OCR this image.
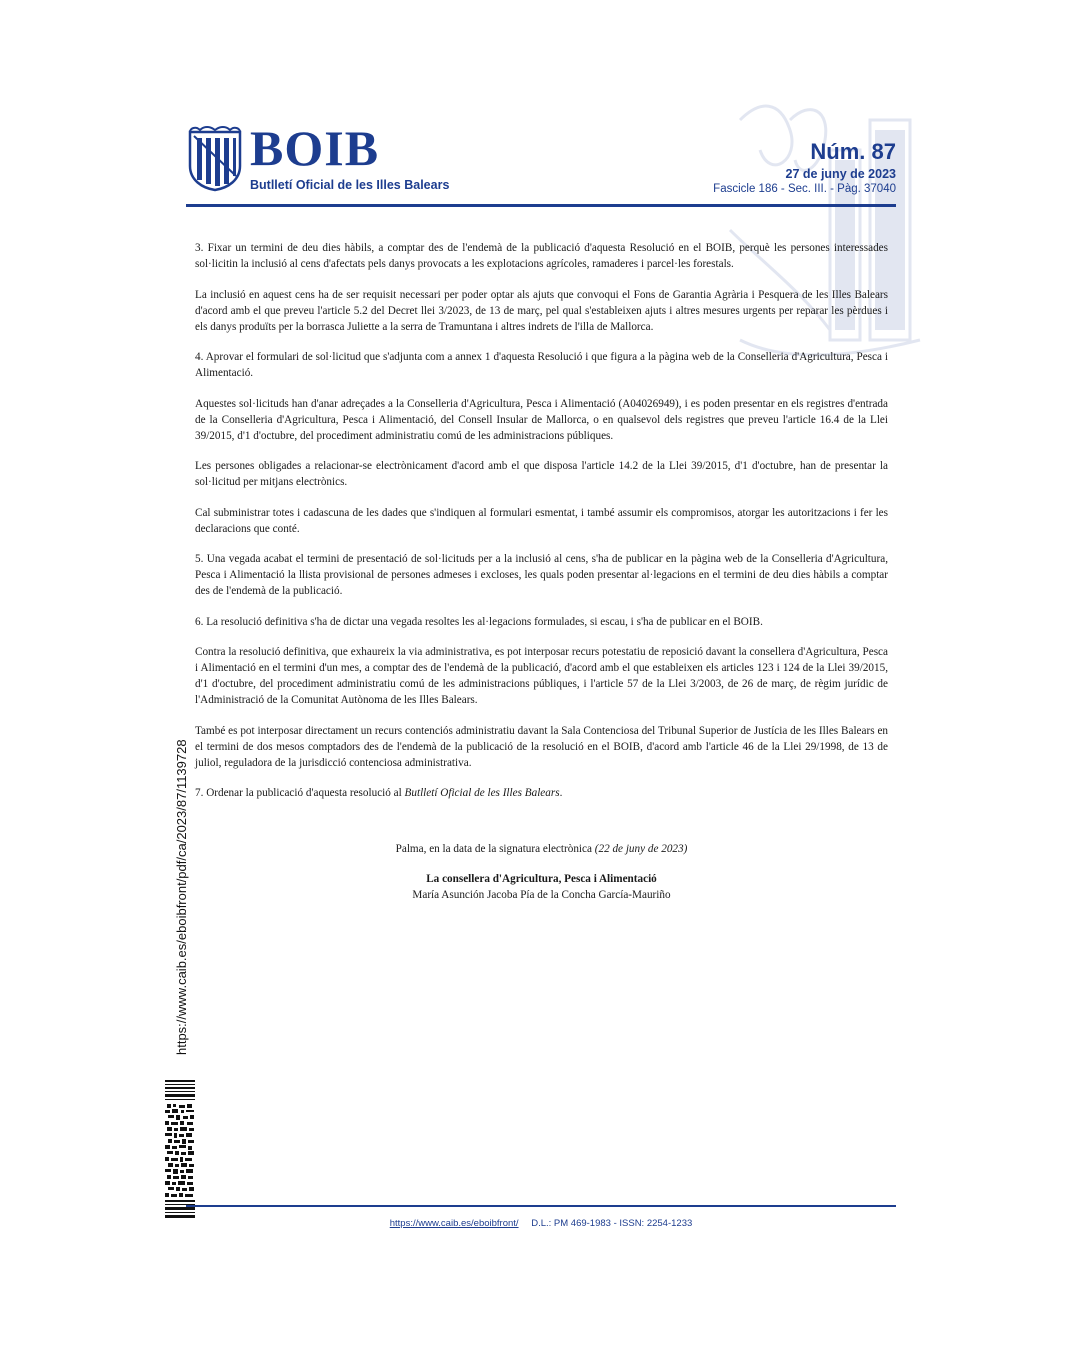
BOIB
Butlletí Oficial de les Illes Balears
Núm. 87
27 de juny de 2023
Fascicle 186 - Sec. III. - Pàg. 37040

3. Fixar un termini de deu dies hàbils, a comptar des de l'endemà de la publicació d'aquesta Resolució en el BOIB, perquè les persones interessades sol·licitin la inclusió al cens d'afectats pels danys provocats a les explotacions agrícoles, ramaderes i parcel·les forestals.

La inclusió en aquest cens ha de ser requisit necessari per poder optar als ajuts que convoqui el Fons de Garantia Agrària i Pesquera de les Illes Balears d'acord amb el que preveu l'article 5.2 del Decret llei 3/2023, de 13 de març, pel qual s'estableixen ajuts i altres mesures urgents per reparar les pèrdues i els danys produïts per la borrasca Juliette a la serra de Tramuntana i altres indrets de l'illa de Mallorca.

4. Aprovar el formulari de sol·licitud que s'adjunta com a annex 1 d'aquesta Resolució i que figura a la pàgina web de la Conselleria d'Agricultura, Pesca i Alimentació.

Aquestes sol·licituds han d'anar adreçades a la Conselleria d'Agricultura, Pesca i Alimentació (A04026949), i es poden presentar en els registres d'entrada de la Conselleria d'Agricultura, Pesca i Alimentació, del Consell Insular de Mallorca, o en qualsevol dels registres que preveu l'article 16.4 de la Llei 39/2015, d'1 d'octubre, del procediment administratiu comú de les administracions públiques.

Les persones obligades a relacionar-se electrònicament d'acord amb el que disposa l'article 14.2 de la Llei 39/2015, d'1 d'octubre, han de presentar la sol·licitud per mitjans electrònics.

Cal subministrar totes i cadascuna de les dades que s'indiquen al formulari esmentat, i també assumir els compromisos, atorgar les autoritzacions i fer les declaracions que conté.

5. Una vegada acabat el termini de presentació de sol·licituds per a la inclusió al cens, s'ha de publicar en la pàgina web de la Conselleria d'Agricultura, Pesca i Alimentació la llista provisional de persones admeses i excloses, les quals poden presentar al·legacions en el termini de deu dies hàbils a comptar des de l'endemà de la publicació.

6. La resolució definitiva s'ha de dictar una vegada resoltes les al·legacions formulades, si escau, i s'ha de publicar en el BOIB.

Contra la resolució definitiva, que exhaureix la via administrativa, es pot interposar recurs potestatiu de reposició davant la consellera d'Agricultura, Pesca i Alimentació en el termini d'un mes, a comptar des de l'endemà de la publicació, d'acord amb el que estableixen els articles 123 i 124 de la Llei 39/2015, d'1 d'octubre, del procediment administratiu comú de les administracions públiques, i l'article 57 de la Llei 3/2003, de 26 de març, de règim jurídic de l'Administració de la Comunitat Autònoma de les Illes Balears.

També es pot interposar directament un recurs contenciós administratiu davant la Sala Contenciosa del Tribunal Superior de Justícia de les Illes Balears en el termini de dos mesos comptadors des de l'endemà de la publicació de la resolució en el BOIB, d'acord amb l'article 46 de la Llei 29/1998, de 13 de juliol, reguladora de la jurisdicció contenciosa administrativa.

7. Ordenar la publicació d'aquesta resolució al Butlletí Oficial de les Illes Balears.

Palma, en la data de la signatura electrònica (22 de juny de 2023)
La consellera d'Agricultura, Pesca i Alimentació
María Asunción Jacoba Pía de la Concha García-Mauriño
https://www.caib.es/eboibfront/pdf/ca/2023/87/1139728
https://www.caib.es/eboibfront/ D.L.: PM 469-1983 - ISSN: 2254-1233
